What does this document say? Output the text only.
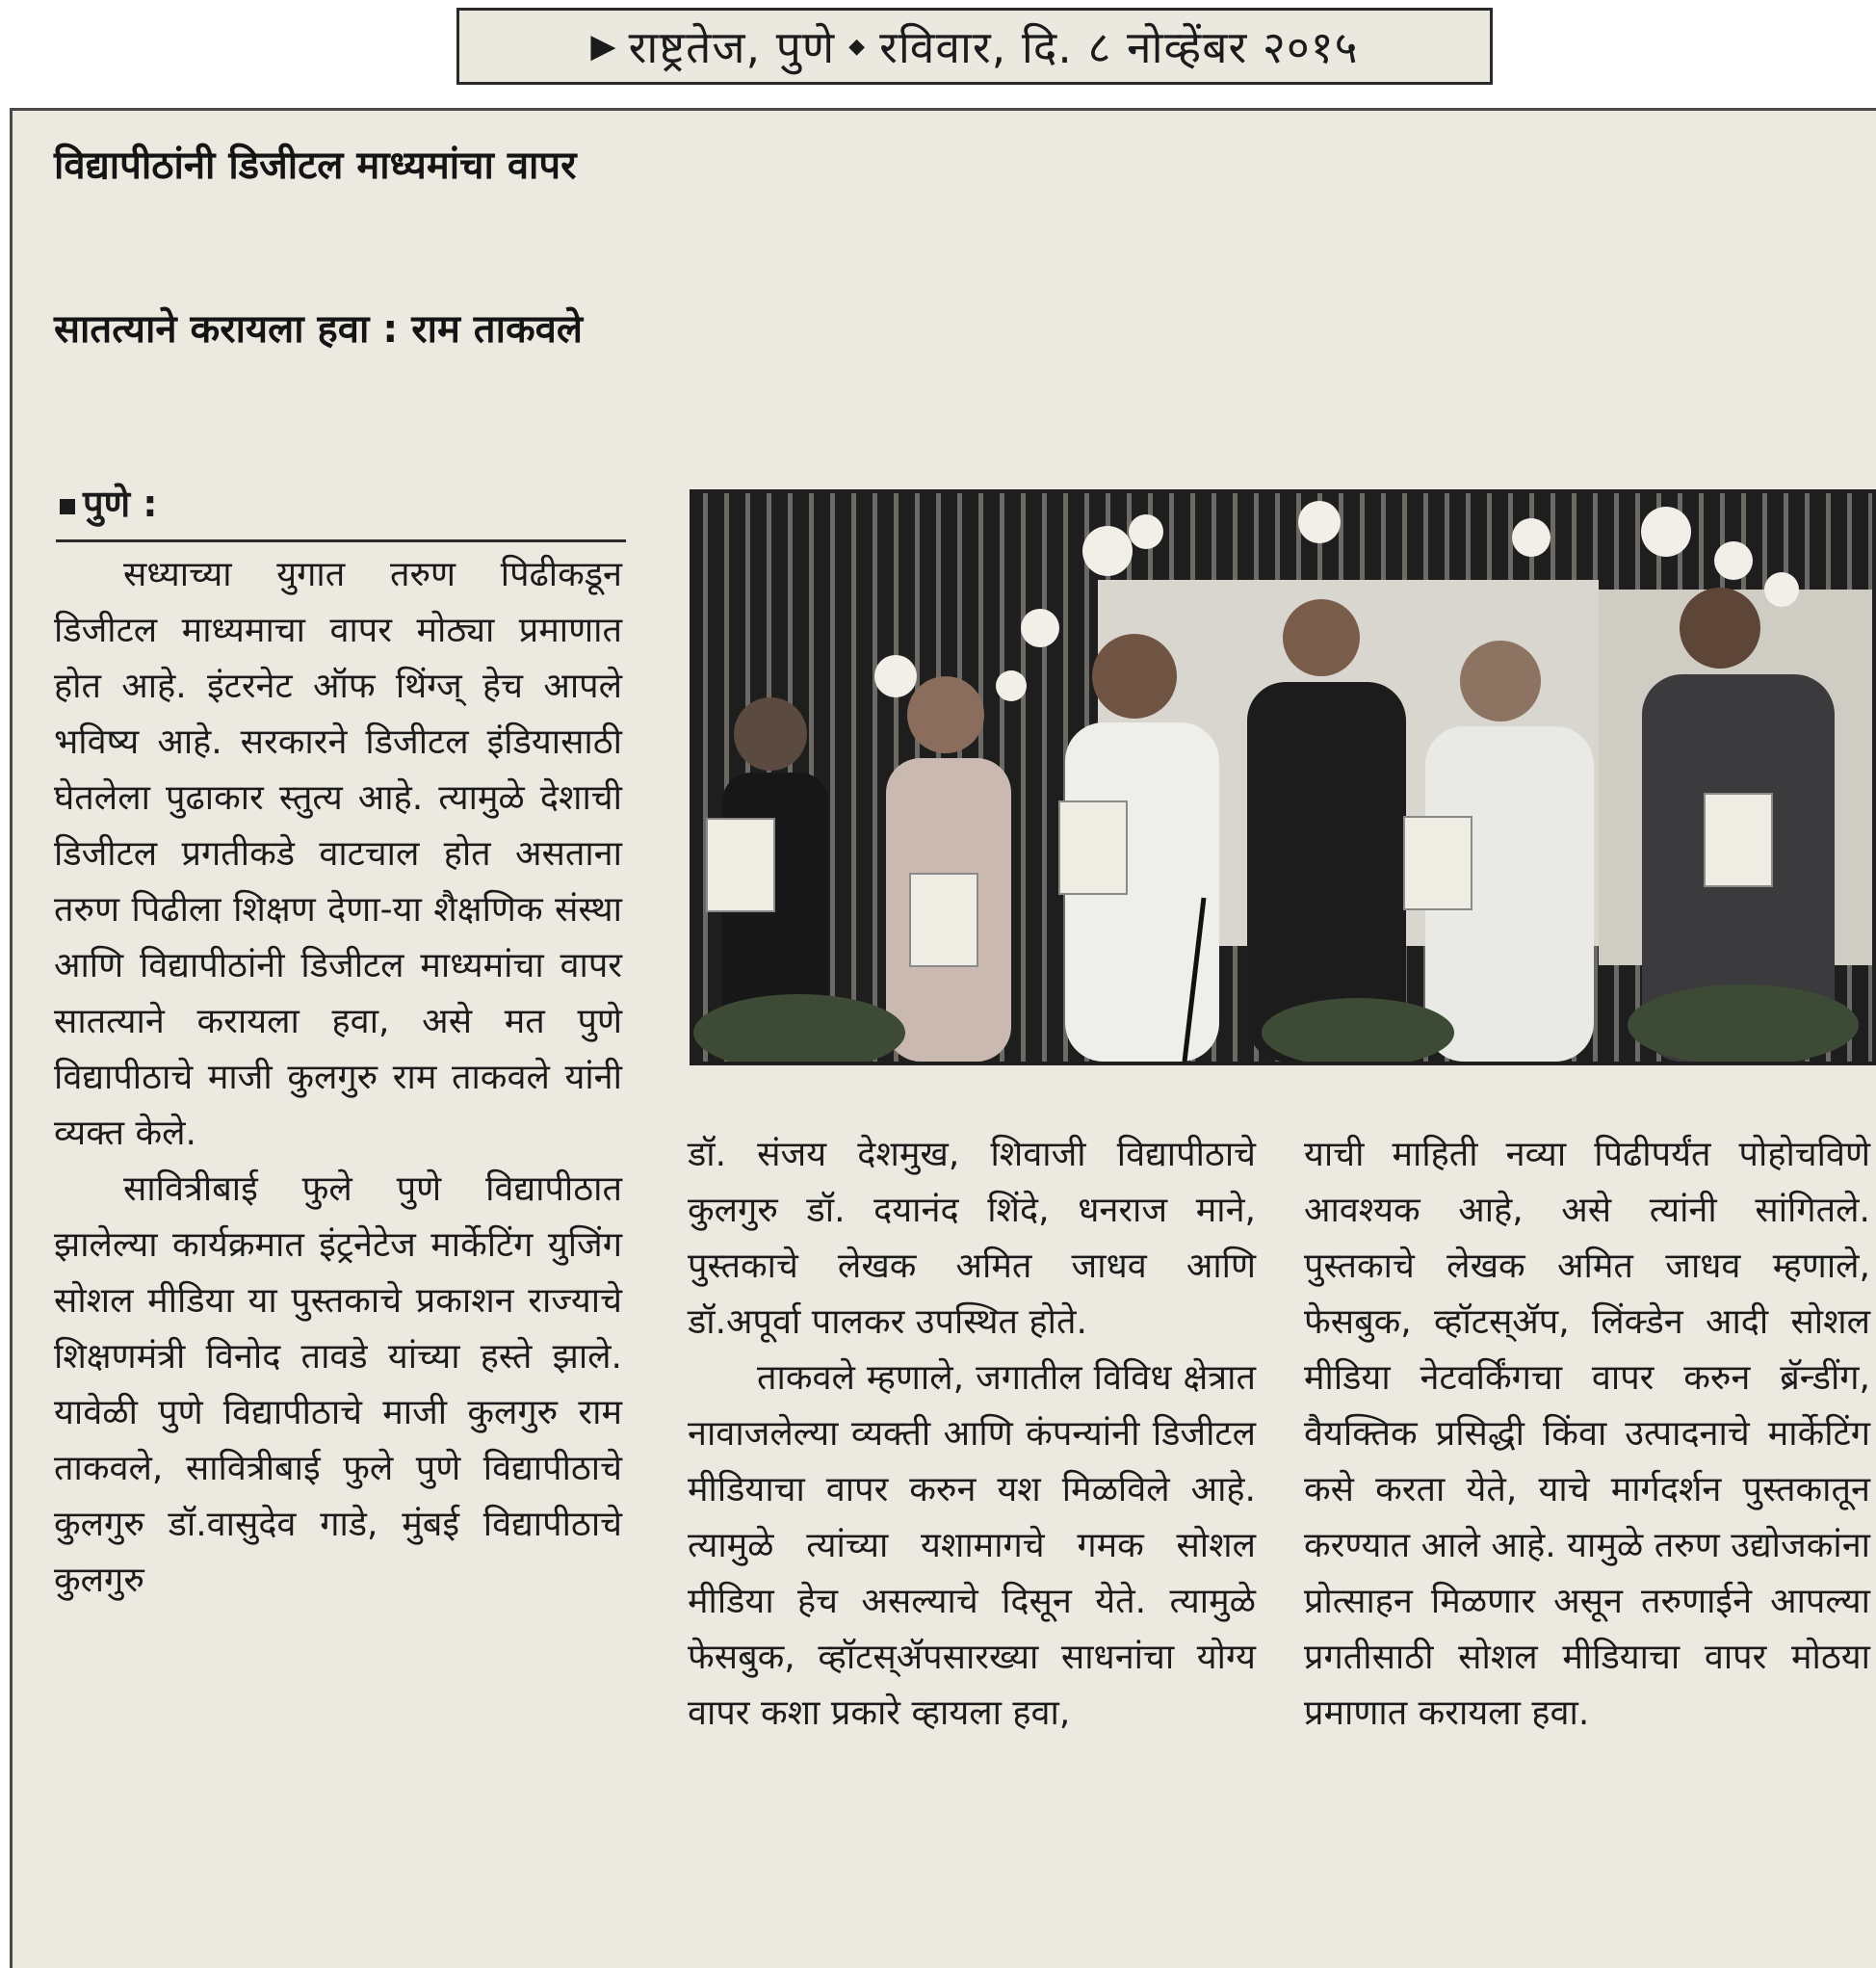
▶ राष्ट्रतेज, पुणे ◆ रविवार, दि. ८ नोव्हेंबर २०१५
विद्यापीठांनी डिजीटल माध्यमांचा वापर
सातत्याने करायला हवा : राम ताकवले
पुणे :

सध्याच्या युगात तरुण पिढीकडून डिजीटल माध्यमाचा वापर मोठ्या प्रमाणात होत आहे. इंटरनेट ऑफ थिंग्ज् हेच आपले भविष्य आहे. सरकारने डिजीटल इंडियासाठी घेतलेला पुढाकार स्तुत्य आहे. त्यामुळे देशाची डिजीटल प्रगतीकडे वाटचाल होत असताना तरुण पिढीला शिक्षण देणा-या शैक्षणिक संस्था आणि विद्यापीठांनी डिजीटल माध्यमांचा वापर सातत्याने करायला हवा, असे मत पुणे विद्यापीठाचे माजी कुलगुरु राम ताकवले यांनी व्यक्त केले.

सावित्रीबाई फुले पुणे विद्यापीठात झालेल्या कार्यक्रमात इंट्रनेटेज मार्केटिंग युजिंग सोशल मीडिया या पुस्तकाचे प्रकाशन राज्याचे शिक्षणमंत्री विनोद तावडे यांच्या हस्ते झाले. यावेळी पुणे विद्यापीठाचे माजी कुलगुरु राम ताकवले, सावित्रीबाई फुले पुणे विद्यापीठाचे कुलगुरु डॉ.वासुदेव गाडे, मुंबई विद्यापीठाचे कुलगुरु

डॉ. संजय देशमुख, शिवाजी विद्यापीठाचे कुलगुरु डॉ. दयानंद शिंदे, धनराज माने, पुस्तकाचे लेखक अमित जाधव आणि डॉ.अपूर्वा पालकर उपस्थित होते.

ताकवले म्हणाले, जगातील विविध क्षेत्रात नावाजलेल्या व्यक्ती आणि कंपन्यांनी डिजीटल मीडियाचा वापर करुन यश मिळविले आहे. त्यामुळे त्यांच्या यशामागचे गमक सोशल मीडिया हेच असल्याचे दिसून येते. त्यामुळे फेसबुक, व्हॉटस्ॲपसारख्या साधनांचा योग्य वापर कशा प्रकारे व्हायला हवा,

याची माहिती नव्या पिढीपर्यंत पोहोचविणे आवश्यक आहे, असे त्यांनी सांगितले. पुस्तकाचे लेखक अमित जाधव म्हणाले, फेसबुक, व्हॉटस्ॲप, लिंक्डेन आदी सोशल मीडिया नेटवर्किंगचा वापर करुन ब्रॅन्डींग, वैयक्तिक प्रसिद्धी किंवा उत्पादनाचे मार्केटिंग कसे करता येते, याचे मार्गदर्शन पुस्तकातून करण्यात आले आहे. यामुळे तरुण उद्योजकांना प्रोत्साहन मिळणार असून तरुणाईने आपल्या प्रगतीसाठी सोशल मीडियाचा वापर मोठया प्रमाणात करायला हवा.
